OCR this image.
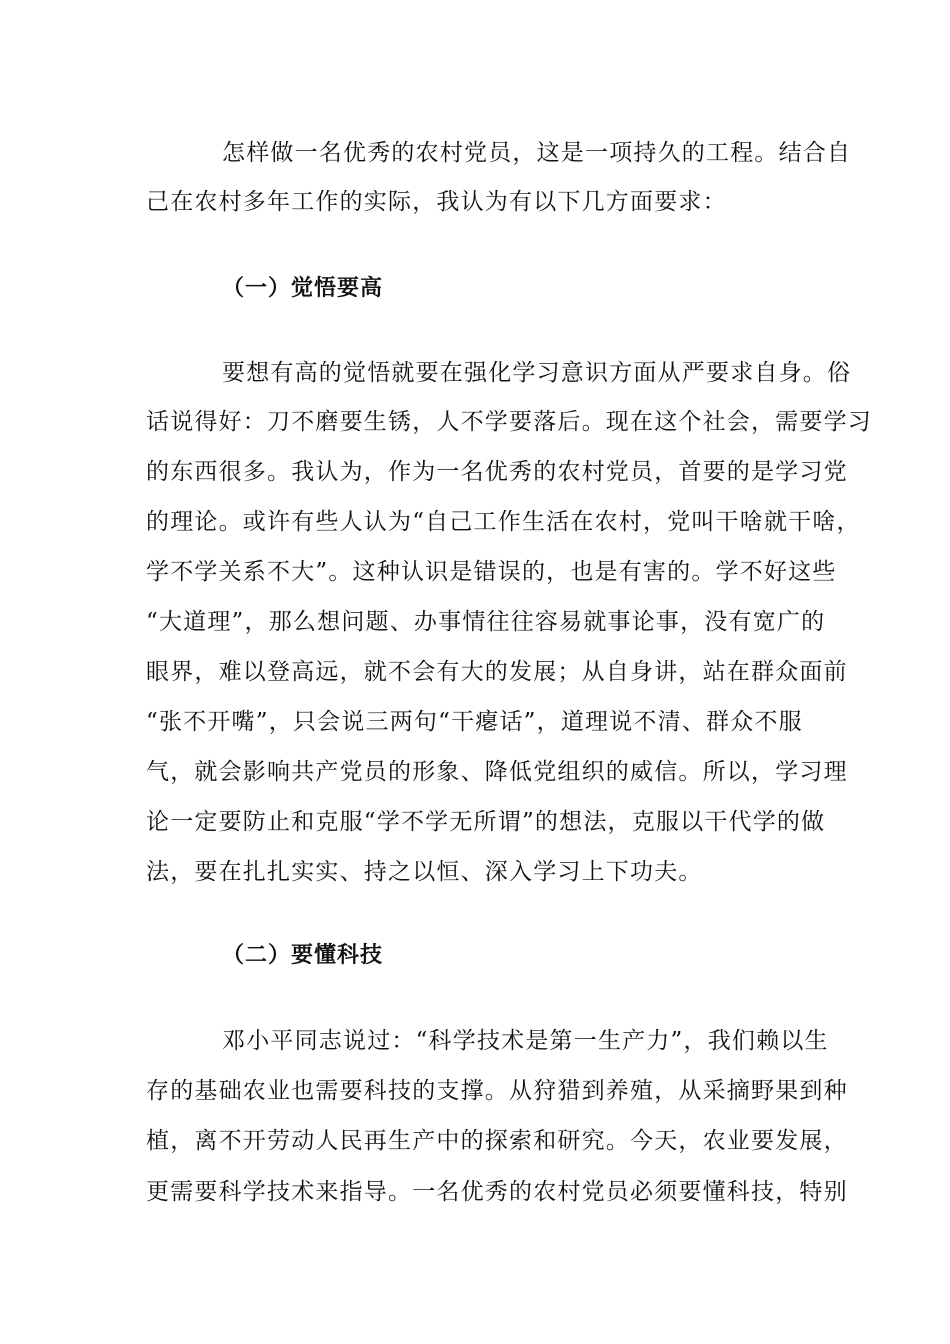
怎样做一名优秀的农村党员，这是一项持久的工程。结合自
己在农村多年工作的实际，我认为有以下几方面要求：
（一）觉悟要高
要想有高的觉悟就要在强化学习意识方面从严要求自身。俗
话说得好：刀不磨要生锈，人不学要落后。现在这个社会，需要学习
的东西很多。我认为，作为一名优秀的农村党员，首要的是学习党
的理论。或许有些人认为“自己工作生活在农村，党叫干啥就干啥，
学不学关系不大”。这种认识是错误的，也是有害的。学不好这些
“大道理”，那么想问题、办事情往往容易就事论事，没有宽广的
眼界，难以登高远，就不会有大的发展；从自身讲，站在群众面前
“张不开嘴”，只会说三两句“干瘪话”，道理说不清、群众不服
气，就会影响共产党员的形象、降低党组织的威信。所以，学习理
论一定要防止和克服“学不学无所谓”的想法，克服以干代学的做
法，要在扎扎实实、持之以恒、深入学习上下功夫。
（二）要懂科技
邓小平同志说过：“科学技术是第一生产力”，我们赖以生
存的基础农业也需要科技的支撑。从狩猎到养殖，从采摘野果到种
植，离不开劳动人民再生产中的探索和研究。今天，农业要发展，
更需要科学技术来指导。一名优秀的农村党员必须要懂科技，特别
